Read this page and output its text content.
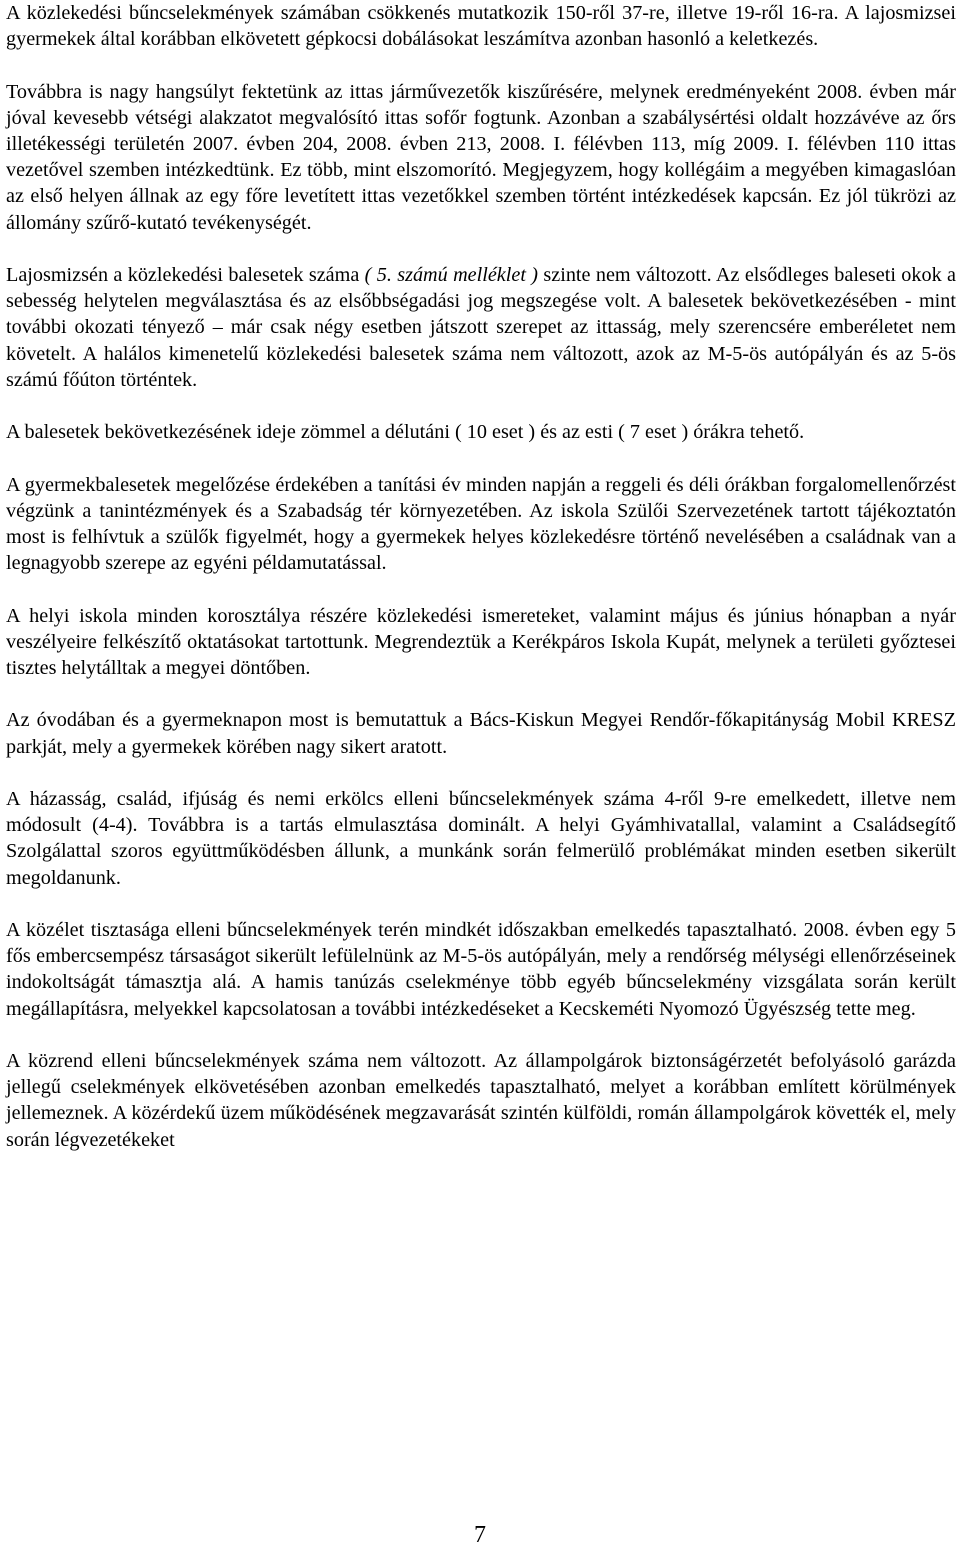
A közlekedési bűncselekmények számában csökkenés mutatkozik 150-ről 37-re, illetve 19-ről 16-ra. A lajosmizsei gyermekek által korábban elkövetett gépkocsi dobálásokat leszámítva azonban hasonló a keletkezés.

Továbbra is nagy hangsúlyt fektetünk az ittas járművezetők kiszűrésére, melynek eredményeként 2008. évben már jóval kevesebb vétségi alakzatot megvalósító ittas sofőr fogtunk. Azonban a szabálysértési oldalt hozzávéve az őrs illetékességi területén 2007. évben 204, 2008. évben 213, 2008. I. félévben 113, míg 2009. I. félévben 110 ittas vezetővel szemben intézkedtünk. Ez több, mint elszomorító. Megjegyzem, hogy kollégáim a megyében kimagaslóan az első helyen állnak az egy főre levetített ittas vezetőkkel szemben történt intézkedések kapcsán. Ez jól tükrözi az állomány szűrő-kutató tevékenységét.

Lajosmizsén a közlekedési balesetek száma ( 5. számú melléklet ) szinte nem változott. Az elsődleges baleseti okok a sebesség helytelen megválasztása és az elsőbbségadási jog megszegése volt. A balesetek bekövetkezésében - mint további okozati tényező – már csak négy esetben játszott szerepet az ittasság, mely szerencsére emberéletet nem követelt. A halálos kimenetelű közlekedési balesetek száma nem változott, azok az M-5-ös autópályán és az 5-ös számú főúton történtek.

A balesetek bekövetkezésének ideje zömmel a délutáni ( 10 eset ) és az esti ( 7 eset ) órákra tehető.

A gyermekbalesetek megelőzése érdekében a tanítási év minden napján a reggeli és déli órákban forgalomellenőrzést végzünk a tanintézmények és a Szabadság tér környezetében. Az iskola Szülői Szervezetének tartott tájékoztatón most is felhívtuk a szülők figyelmét, hogy a gyermekek helyes közlekedésre történő nevelésében a családnak van a legnagyobb szerepe az egyéni példamutatással.

A helyi iskola minden korosztálya részére közlekedési ismereteket, valamint május és június hónapban a nyár veszélyeire felkészítő oktatásokat tartottunk. Megrendeztük a Kerékpáros Iskola Kupát, melynek a területi győztesei tisztes helytálltak a megyei döntőben.

Az óvodában és a gyermeknapon most is bemutattuk a Bács-Kiskun Megyei Rendőr-főkapitányság Mobil KRESZ parkját, mely a gyermekek körében nagy sikert aratott.

A házasság, család, ifjúság és nemi erkölcs elleni bűncselekmények száma 4-ről 9-re emelkedett, illetve nem módosult (4-4). Továbbra is a tartás elmulasztása dominált. A helyi Gyámhivatallal, valamint a Családsegítő Szolgálattal szoros együttműködésben állunk, a munkánk során felmerülő problémákat minden esetben sikerült megoldanunk.

A közélet tisztasága elleni bűncselekmények terén mindkét időszakban emelkedés tapasztalható. 2008. évben egy 5 fős embercsempész társaságot sikerült lefülelnünk az M-5-ös autópályán, mely a rendőrség mélységi ellenőrzéseinek indokoltságát támasztja alá. A hamis tanúzás cselekménye több egyéb bűncselekmény vizsgálata során került megállapításra, melyekkel kapcsolatosan a további intézkedéseket a Kecskeméti Nyomozó Ügyészség tette meg.

A közrend elleni bűncselekmények száma nem változott. Az állampolgárok biztonságérzetét befolyásoló garázda jellegű cselekmények elkövetésében azonban emelkedés tapasztalható, melyet a korábban említett körülmények jellemeznek. A közérdekű üzem működésének megzavarását szintén külföldi, román állampolgárok követték el, mely során légvezetékeket

7
